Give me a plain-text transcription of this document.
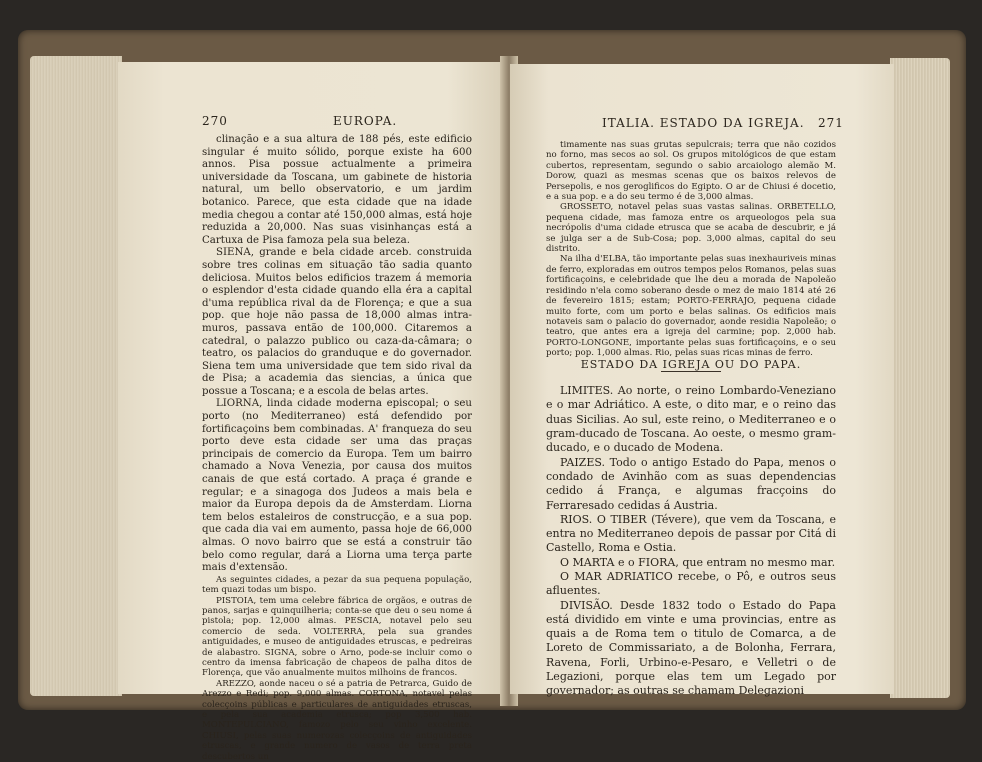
270	EUROPA.

clinação e a sua altura de 188 pés, este edificio singular é muito sólido, porque existe ha 600 annos. Pisa possue actualmente a primeira universidade da Toscana, um gabinete de historia natural, um bello observatorio, e um jardim botanico. Parece, que esta cidade que na idade media chegou a contar até 150,000 almas, está hoje reduzida a 20,000. Nas suas visinhanças está a Cartuxa de Pisa famoza pela sua beleza.

SIENA, grande e bela cidade arceb. construida sobre tres colinas em situação tão sadia quanto deliciosa. Muitos belos edificios trazem á memoria o esplendor d'esta cidade quando ella éra a capital d'uma república rival da de Florença; e que a sua pop. que hoje não passa de 18,000 almas intra-muros, passava então de 100,000. Citaremos a catedral, o palazzo publico ou caza-da-câmara; o teatro, os palacios do granduque e do governador. Siena tem uma universidade que tem sido rival da de Pisa; a academia das siencias, a única que possue a Toscana; e a escola de belas artes.

LIORNA, linda cidade moderna episcopal; o seu porto (no Mediterraneo) está defendido por fortificaçoins bem combinadas. A' franqueza do seu porto deve esta cidade ser uma das praças principais de comercio da Europa. Tem um bairro chamado a Nova Venezia, por causa dos muitos canais de que está cortado. A praça é grande e regular; e a sinagoga dos Judeos a mais bela e maior da Europa depois da de Amsterdam. Liorna tem belos estaleiros de construcção, e a sua pop. que cada dia vai em aumento, passa hoje de 66,000 almas. O novo bairro que se está a construir tão belo como regular, dará a Liorna uma terça parte mais d'extensão.

As seguintes cidades, a pezar da sua pequena população, tem quazi todas um bispo.

PISTOIA, tem uma celebre fábrica de orgãos, e outras de panos, sarjas e quinquilheria; conta-se que deu o seu nome á pistola; pop. 12,000 almas. PESCIA, notavel pelo seu comercio de seda. VOLTERRA, pela sua grandes antiguidades, e museo de antiguidades etruscas, e pedreiras de alabastro. SIGNA, sobre o Arno, pode-se incluir como o centro da imensa fabricação de chapeos de palha ditos de Florença, que vão anualmente muitos milhoins de francos.

AREZZO, aonde naceu o sé a patria de Petrarca, Guido de Arezzo e Redi; pop. 9,000 almas. CORTONA, notavel pelas colecçoins públicas e particulares de antiguidades etruscas, e pela sua academia etrusca; pop 3,500 hab. MONTEPULCIANO, famozo pelo seu vinho excelente. CHIUSI, pelas suas numerozas colecçoins de antiguidades etruscas, e grande numero de vasos de terra preta descubertos un

ITALIA. ESTADO DA IGREJA. 271

timamente nas suas grutas sepulcrais; terra que não cozidos no forno, mas secos ao sol. Os grupos mitológicos de que estam cubertos, representam, segundo o sabio arcaiologo alemão M. Dorow, quazi as mesmas scenas que os baixos relevos de Persepolis, e nos geroglificos do Egipto. O ar de Chiusi é docetio, e a sua pop. e a do seu termo é de 3,000 almas.

GROSSETO, notavel pelas suas vastas salinas. ORBETELLO, pequena cidade, mas famoza entre os arqueologos pela sua necrópolis d'uma cidade etrusca que se acaba de descubrir, e já se julga ser a de Sub-Cosa; pop. 3,000 almas, capital do seu distrito.

Na ilha d'ELBA, tão importante pelas suas inexhauriveis minas de ferro, exploradas em outros tempos pelos Romanos, pelas suas fortificaçoins, e celebridade que lhe deu a morada de Napoleão residindo n'ela como soberano desde o mez de maio 1814 até 26 de fevereiro 1815; estam; PORTO-FERRAJO, pequena cidade muito forte, com um porto e belas salinas. Os edificios mais notaveis sam o palacio do governador, aonde residia Napoleão; o teatro, que antes era a igreja del carmine; pop. 2,000 hab. PORTO-LONGONE, importante pelas suas fortificaçoins, e o seu porto; pop. 1,000 almas. Rio, pelas suas ricas minas de ferro.

ESTADO DA IGREJA OU DO PAPA.

LIMITES. Ao norte, o reino Lombardo-Veneziano e o mar Adriático. A este, o dito mar, e o reino das duas Sicilias. Ao sul, este reino, o Mediterraneo e o gram-ducado de Toscana. Ao oeste, o mesmo gram-ducado, e o ducado de Modena.

PAIZES. Todo o antigo Estado do Papa, menos o condado de Avinhão com as suas dependencias cedido á França, e algumas fracçoins do Ferraresado cedidas á Austria.

RIOS. O TIBER (Tévere), que vem da Toscana, e entra no Mediterraneo depois de passar por Citá di Castello, Roma e Ostia.

O MARTA e o FIORA, que entram no mesmo mar.

O MAR ADRIATICO recebe, o Pô, e outros seus afluentes.

DIVISÃO. Desde 1832 todo o Estado do Papa está dividido em vinte e uma provincias, entre as quais a de Roma tem o titulo de Comarca, a de Loreto de Commissariato, a de Bolonha, Ferrara, Ravena, Forli, Urbino-e-Pesaro, e Velletri o de Legazioni, porque elas tem um Legado por governador; as outras se chamam Delegazioni
